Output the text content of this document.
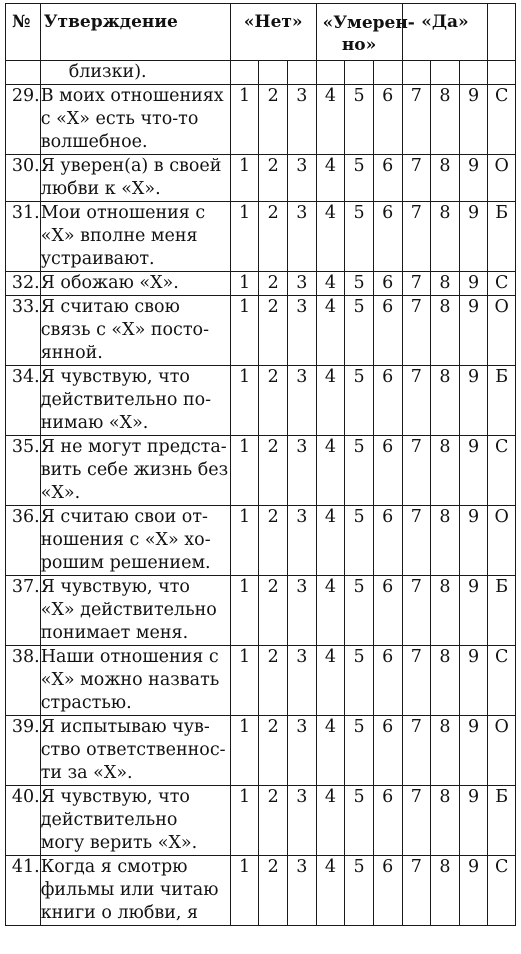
№	Утверждение	«Нет»			«Умерен-
но»			«Да»			

	близки).										
29.	В моих отношениях
с «Х» есть что-то
волшебное.	1	2	3	4	5	6	7	8	9	С
30.	Я уверен(а) в своей
любви к «Х».	1	2	3	4	5	6	7	8	9	О
31.	Мои отношения с
«Х» вполне меня
устраивают.	1	2	3	4	5	6	7	8	9	Б
32.	Я обожаю «Х».	1	2	3	4	5	6	7	8	9	С
33.	Я считаю свою
связь с «Х» посто-
янной.	1	2	3	4	5	6	7	8	9	О
34.	Я чувствую, что
действительно по-
нимаю «Х».	1	2	3	4	5	6	7	8	9	Б
35.	Я не могут предста-
вить себе жизнь без
«Х».	1	2	3	4	5	6	7	8	9	С
36.	Я считаю свои от-
ношения с «Х» хо-
рошим решением.	1	2	3	4	5	6	7	8	9	О
37.	Я чувствую, что
«Х» действительно
понимает меня.	1	2	3	4	5	6	7	8	9	Б
38.	Наши отношения с
«Х» можно назвать
страстью.	1	2	3	4	5	6	7	8	9	С
39.	Я испытываю чув-
ство ответственнос-
ти за «Х».	1	2	3	4	5	6	7	8	9	О
40.	Я чувствую, что
действительно
могу верить «Х».	1	2	3	4	5	6	7	8	9	Б
41.	Когда я смотрю
фильмы или читаю
книги о любви, я	1	2	3	4	5	6	7	8	9	С
